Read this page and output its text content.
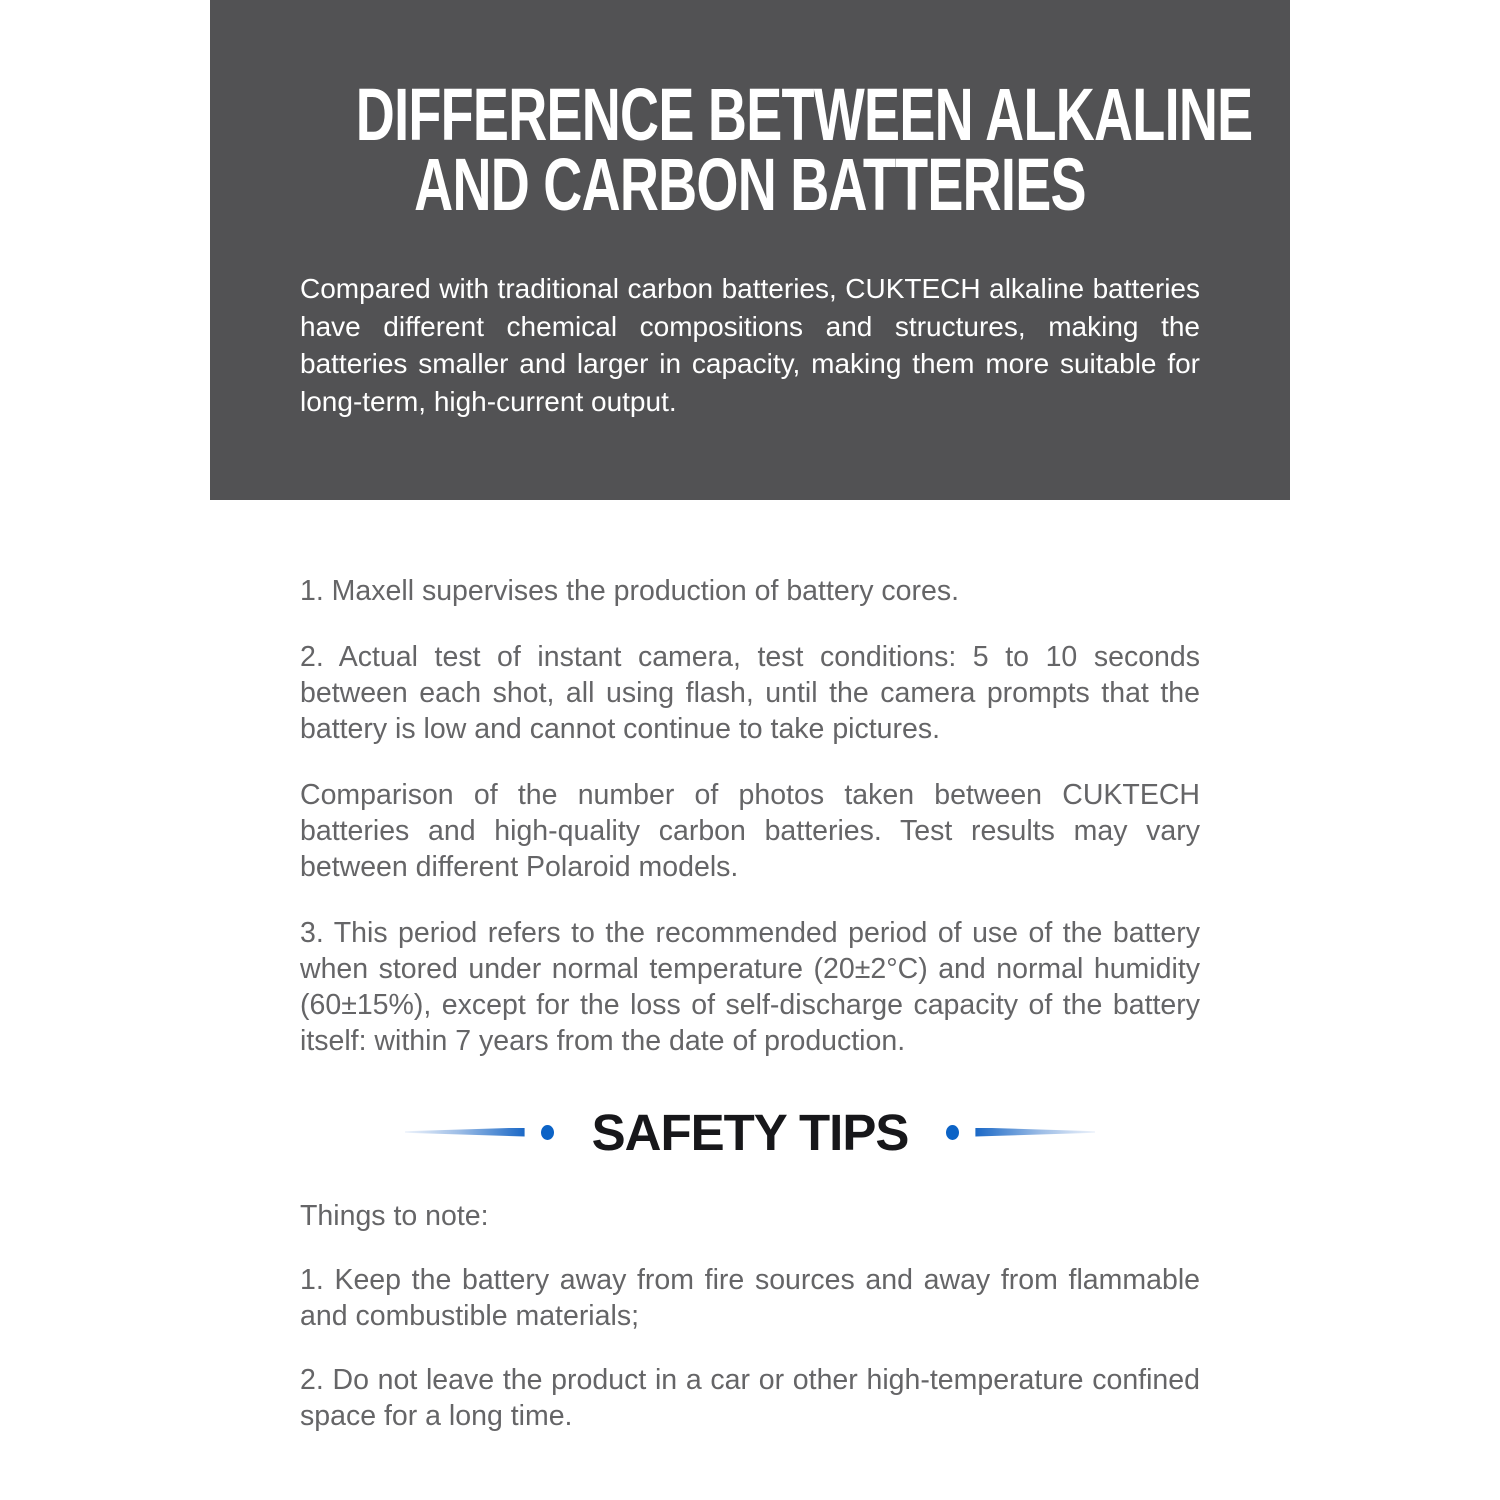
DIFFERENCE BETWEEN ALKALINE
AND CARBON BATTERIES

Compared with traditional carbon batteries, CUKTECH alkaline batteries have different chemical compositions and structures, making the batteries smaller and larger in capacity, making them more suitable for long-term, high-current output.

1. Maxell supervises the production of battery cores.

2. Actual test of instant camera, test conditions: 5 to 10 seconds between each shot, all using flash, until the camera prompts that the battery is low and cannot continue to take pictures.

Comparison of the number of photos taken between CUKTECH batteries and high-quality carbon batteries. Test results may vary between different Polaroid models.

3. This period refers to the recommended period of use of the battery when stored under normal temperature (20±2°C) and normal humidity (60±15%), except for the loss of self-discharge capacity of the battery itself: within 7 years from the date of production.

SAFETY TIPS

Things to note:

1. Keep the battery away from fire sources and away from flammable and combustible materials;

2. Do not leave the product in a car or other high-temperature confined space for a long time.
